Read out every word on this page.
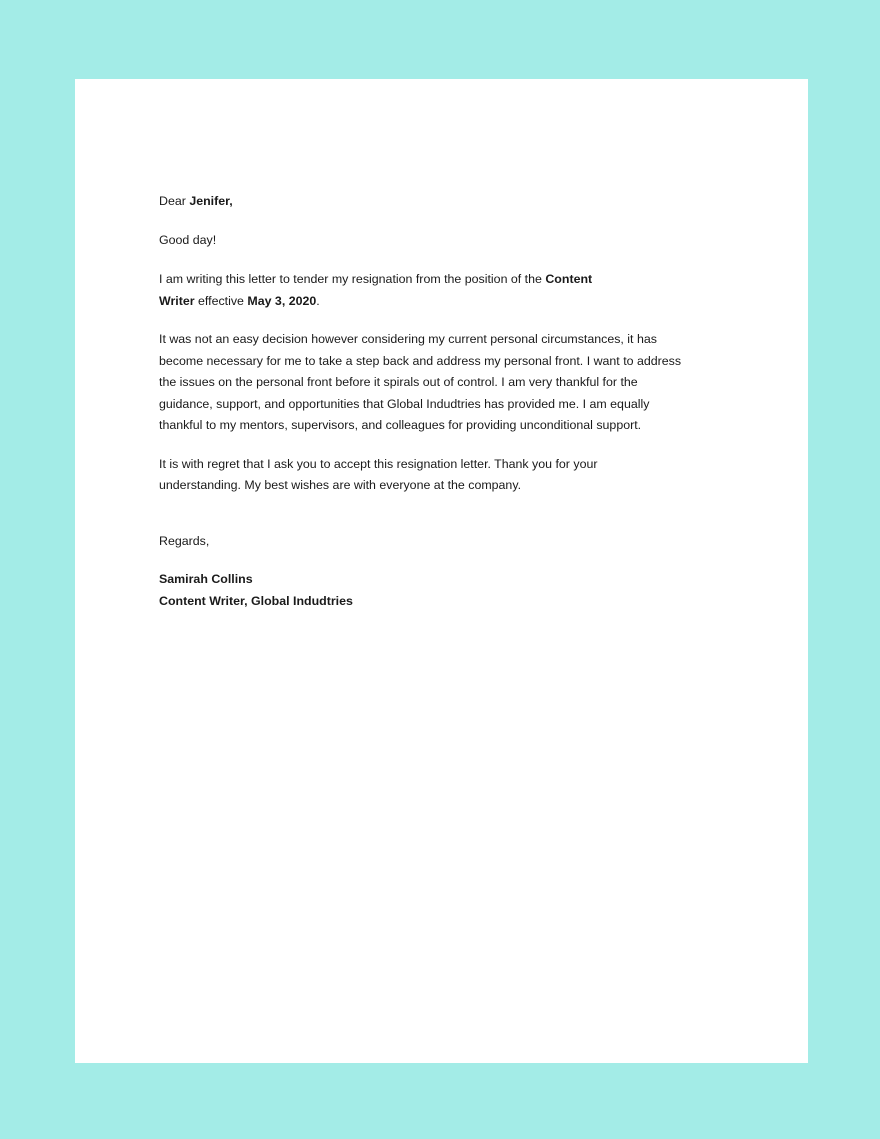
Dear Jenifer,

Good day!

I am writing this letter to tender my resignation from the position of the Content
Writer effective May 3, 2020.

It was not an easy decision however considering my current personal circumstances, it has
become necessary for me to take a step back and address my personal front. I want to address
the issues on the personal front before it spirals out of control. I am very thankful for the
guidance, support, and opportunities that Global Indudtries has provided me. I am equally
thankful to my mentors, supervisors, and colleagues for providing unconditional support.

It is with regret that I ask you to accept this resignation letter. Thank you for your
understanding. My best wishes are with everyone at the company.

Regards,

Samirah Collins
Content Writer, Global Indudtries
